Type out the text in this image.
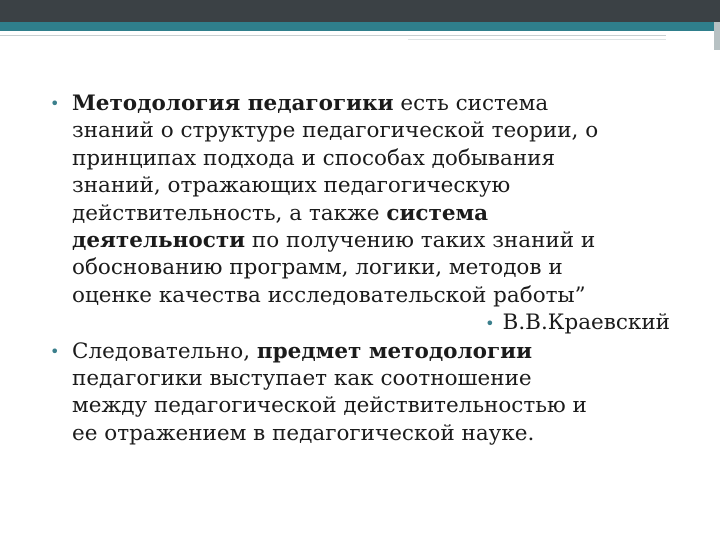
• Методология педагогики есть система
знаний о структуре педагогической теории, о
принципах подхода и способах добывания
знаний, отражающих педагогическую
действительность, а также система
деятельности по получению таких знаний и
обоснованию программ, логики, методов и
оценке качества исследовательской работы”
• В.В.Краевский
• Следовательно, предмет методологии
педагогики выступает как соотношение
между педагогической действительностью и
ее отражением в педагогической науке.
